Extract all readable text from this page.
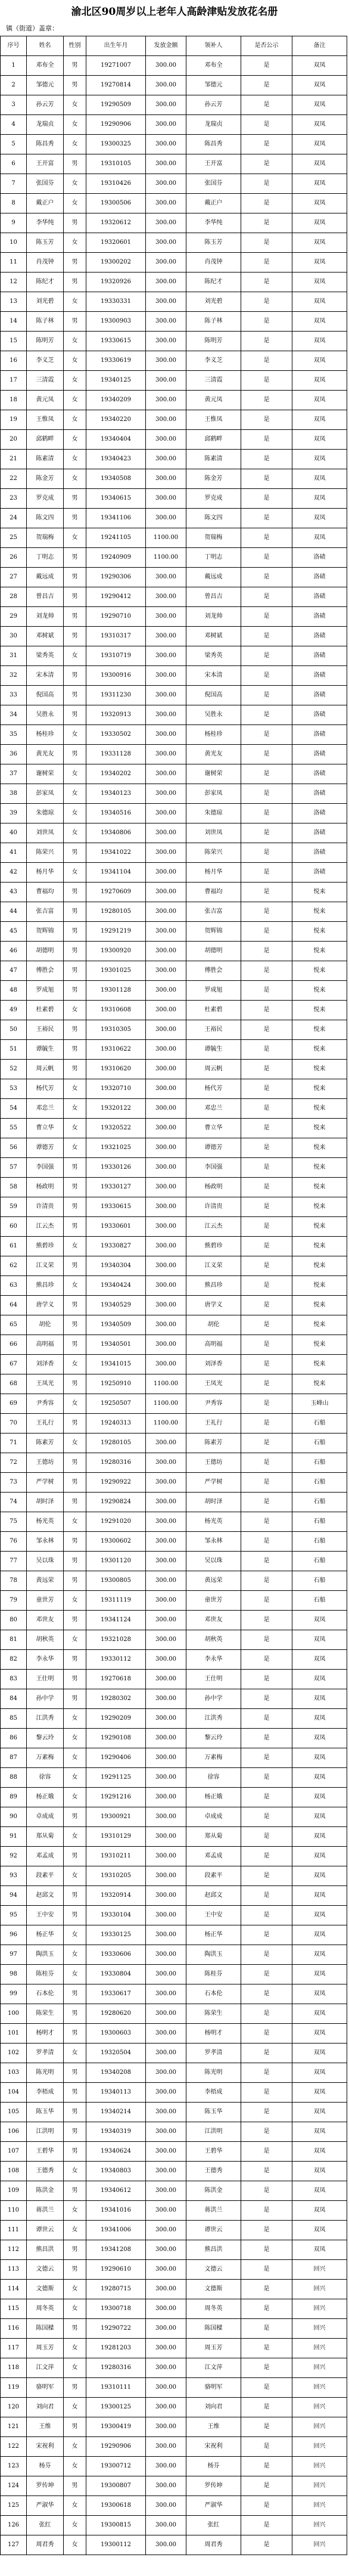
渝北区90周岁以上老年人高龄津贴发放花名册
镇（街道）盖章：
序号	姓名	性别	出生年月	发放金额	领补人	是否公示	备注
1	邓布全	男	19271007	300.00	邓布全	是	双凤
2	邹德元	男	19270814	300.00	邹德元	是	双凤
3	孙云芳	女	19290509	300.00	孙云芳	是	双凤
4	龙瑞贞	女	19290906	300.00	龙瑞贞	是	双凤
5	陈昌秀	女	19300325	300.00	陈昌秀	是	双凤
6	王开富	男	19310105	300.00	王开富	是	双凤
7	张国芬	女	19310426	300.00	张国芬	是	双凤
8	戴正户	女	19300506	300.00	戴正户	是	双凤
9	李华纯	男	19320612	300.00	李华纯	是	双凤
10	陈玉芳	女	19320601	300.00	陈玉芳	是	双凤
11	肖茂钟	男	19300202	300.00	肖茂钟	是	双凤
12	陈纪才	男	19320926	300.00	陈纪才	是	双凤
13	刘光碧	女	19330331	300.00	刘光碧	是	双凤
14	陈子林	男	19300903	300.00	陈子林	是	双凤
15	陈明芳	女	19330615	300.00	陈明芳	是	双凤
16	李义芝	女	19330619	300.00	李义芝	是	双凤
17	三清霞	女	19340125	300.00	三清霞	是	双凤
18	黄元凤	女	19340209	300.00	黄元凤	是	双凤
19	王惟凤	女	19340220	300.00	王惟凤	是	双凤
20	邱鹤畔	女	19340404	300.00	邱鹤畔	是	双凤
21	陈素清	女	19340423	300.00	陈素清	是	双凤
22	陈金芳	女	19340508	300.00	陈金芳	是	双凤
23	罗克成	男	19340615	300.00	罗克成	是	双凤
24	陈文四	男	19341106	300.00	陈文四	是	双凤
25	贺瑞梅	女	19241105	1100.00	贺瑞梅	是	双凤
26	丁明志	男	19240909	1100.00	丁明志	是	洛碛
27	戴远成	男	19290306	300.00	戴远成	是	洛碛
28	曾昌吉	男	19290412	300.00	曾昌吉	是	洛碛
29	刘龙帅	男	19290710	300.00	刘龙帅	是	洛碛
30	邓树斌	男	19310317	300.00	邓树斌	是	洛碛
31	梁秀英	女	19310719	300.00	梁秀英	是	洛碛
32	宋本清	男	19300916	300.00	宋本清	是	洛碛
33	倪国高	男	19311230	300.00	倪国高	是	洛碛
34	吴胜永	男	19320913	300.00	吴胜永	是	洛碛
35	杨桂珍	女	19330502	300.00	杨桂珍	是	洛碛
36	黄光友	男	19331128	300.00	黄光友	是	洛碛
37	谢树荣	女	19340202	300.00	谢树荣	是	洛碛
38	彭家凤	女	19340123	300.00	彭家凤	是	洛碛
39	朱德琼	女	19340516	300.00	朱德琼	是	洛碛
40	刘世凤	女	19340806	300.00	刘世凤	是	洛碛
41	陈荣兴	男	19341022	300.00	陈荣兴	是	洛碛
42	杨月华	女	19341104	300.00	杨月华	是	洛碛
43	曹福均	男	19270609	300.00	曹福均	是	悦来
44	张吉富	男	19280105	300.00	张吉富	是	悦来
45	贺辉锦	男	19291219	300.00	贺辉锦	是	悦来
46	胡德明	男	19300920	300.00	胡德明	是	悦来
47	傅胜会	男	19301025	300.00	傅胜会	是	悦来
48	罗成旭	男	19301128	300.00	罗成旭	是	悦来
49	杜素碧	女	19310608	300.00	杜素碧	是	悦来
50	王裕民	男	19310305	300.00	王裕民	是	悦来
51	谭毓生	男	19310622	300.00	谭毓生	是	悦来
52	周云帆	男	19310620	300.00	周云帆	是	悦来
53	杨代芳	女	19320710	300.00	杨代芳	是	悦来
54	邓忠兰	女	19320122	300.00	邓忠兰	是	悦来
55	曹立华	女	19320522	300.00	曹立华	是	悦来
56	谭德芳	女	19321025	300.00	谭德芳	是	悦来
57	李国强	男	19330126	300.00	李国强	是	悦来
58	杨政明	男	19330127	300.00	杨政明	是	悦来
59	许清贵	男	19330615	300.00	许清贵	是	悦来
60	江云杰	男	19330601	300.00	江云杰	是	悦来
61	熊碧珍	女	19330827	300.00	熊碧珍	是	悦来
62	江义荣	男	19340304	300.00	江义荣	是	悦来
63	熊昌珍	女	19340424	300.00	熊昌珍	是	悦来
64	唐学义	男	19340529	300.00	唐学义	是	悦来
65	胡伦	男	19340509	300.00	胡伦	是	悦来
66	高明福	男	19340501	300.00	高明福	是	悦来
67	刘泽香	女	19341015	300.00	刘泽香	是	悦来
68	王凤光	男	19250910	1100.00	王凤光	是	悦来
69	尹秀容	女	19250507	1100.00	尹秀容	是	玉峰山
70	王礼行	男	19240313	1100.00	王礼行	是	石船
71	陈素芳	女	19280105	300.00	陈素芳	是	石船
72	王德坊	男	19280316	300.00	王德坊	是	石船
73	严学树	男	19290922	300.00	严学树	是	石船
74	胡时泽	男	19290824	300.00	胡时泽	是	石船
75	杨光英	女	19291020	300.00	杨光英	是	石船
76	邹永林	男	19300602	300.00	邹永林	是	石船
77	吴以珠	男	19301120	300.00	吴以珠	是	石船
78	黄远荣	男	19300805	300.00	黄远荣	是	石船
79	童世芳	女	19311119	300.00	童世芳	是	石船
80	邓世友	男	19341124	300.00	邓世友	是	双凤
81	胡秋英	女	19321028	300.00	胡秋英	是	双凤
82	李永华	男	19330112	300.00	李永华	是	双凤
83	王仕明	男	19270618	300.00	王仕明	是	双凤
84	孙中学	男	19280302	300.00	孙中学	是	双凤
85	江洪秀	女	19290209	300.00	江洪秀	是	双凤
86	黎云玲	女	19290108	300.00	黎云玲	是	双凤
87	万素梅	女	19290406	300.00	万素梅	是	双凤
88	徐容	女	19291125	300.00	徐容	是	双凤
89	杨正娥	女	19291216	300.00	杨正娥	是	双凤
90	卓成成	男	19300921	300.00	卓成成	是	双凤
91	郑从菊	女	19310129	300.00	郑从菊	是	双凤
92	邓孟成	男	19310211	300.00	邓孟成	是	双凤
93	段素平	女	19310205	300.00	段素平	是	双凤
94	赵邱文	男	19320914	300.00	赵邱文	是	双凤
95	王中安	男	19330104	300.00	王中安	是	双凤
96	杨正华	女	19330125	300.00	杨正华	是	双凤
97	陶洪玉	女	19330606	300.00	陶洪玉	是	双凤
98	陈桂芬	女	19330804	300.00	陈桂芬	是	双凤
99	石本伦	男	19330617	300.00	石本伦	是	双凤
100	陈荣生	男	19280620	300.00	陈荣生	是	双凤
101	杨明才	男	19300603	300.00	杨明才	是	双凤
102	罗孝清	女	19320504	300.00	罗孝清	是	双凤
103	陈光明	男	19340208	300.00	陈光明	是	双凤
104	李梧成	男	19340113	300.00	李梧成	是	双凤
105	陈玉华	男	19340214	300.00	陈玉华	是	双凤
106	江洪明	男	19340319	300.00	江洪明	是	双凤
107	王碧华	男	19340624	300.00	王碧华	是	双凤
108	王德秀	女	19340803	300.00	王德秀	是	双凤
109	陈洪金	男	19340612	300.00	陈洪金	是	双凤
110	蒋洪兰	女	19341016	300.00	蒋洪兰	是	双凤
111	谭世云	女	19341006	300.00	谭世云	是	双凤
112	熊昌洪	男	19341208	300.00	熊昌洪	是	双凤
113	文德云	男	19290610	300.00	文德云	是	回兴
114	文德斯	女	19280715	300.00	文德斯	是	回兴
115	周冬英	女	19300718	300.00	周冬英	是	回兴
116	陈国樑	男	19290722	300.00	陈国樑	是	回兴
117	周玉芳	女	19281203	300.00	周玉芳	是	回兴
118	江文萍	女	19280316	300.00	江文萍	是	回兴
119	骆明军	男	19310111	300.00	骆明军	是	回兴
120	刘向君	女	19300125	300.00	刘向君	是	回兴
121	王维	男	19300419	300.00	王维	是	回兴
122	宋祝利	女	19290906	300.00	宋祝利	是	回兴
123	杨芬	女	19300712	300.00	杨芬	是	回兴
124	罗传坤	男	19300807	300.00	罗传坤	是	回兴
125	严淑华	女	19300618	300.00	严淑华	是	回兴
126	张红	女	19300815	300.00	张红	是	回兴
127	周君秀	女	19300112	300.00	周君秀	是	回兴
